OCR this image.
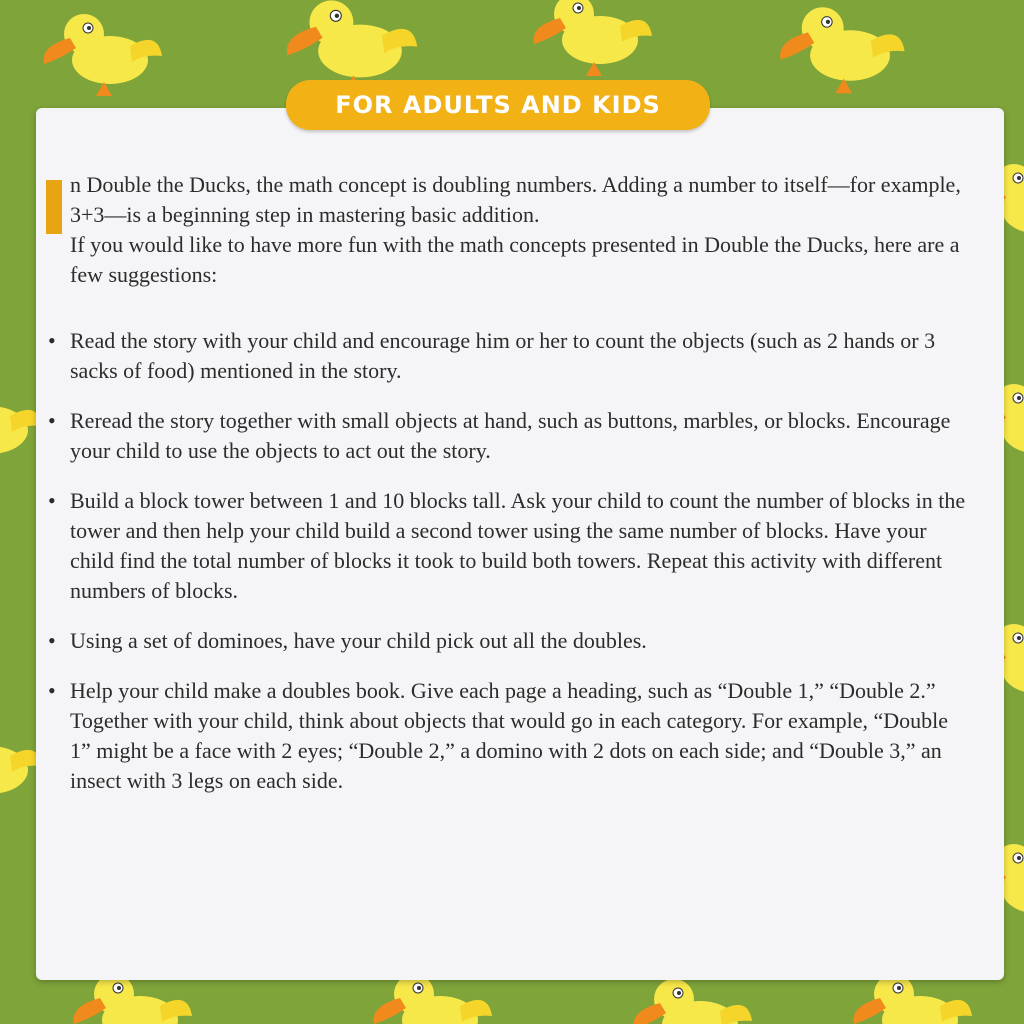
FOR ADULTS AND KIDS

n Double the Ducks, the math concept is doubling numbers. Adding a number to itself—for example, 3+3—is a beginning step in mastering basic addition.

If you would like to have more fun with the math concepts presented in Double the Ducks, here are a few suggestions:

• Read the story with your child and encourage him or her to count the objects (such as 2 hands or 3 sacks of food) mentioned in the story.
• Reread the story together with small objects at hand, such as buttons, marbles, or blocks. Encourage your child to use the objects to act out the story.
• Build a block tower between 1 and 10 blocks tall. Ask your child to count the number of blocks in the tower and then help your child build a second tower using the same number of blocks. Have your child find the total number of blocks it took to build both towers. Repeat this activity with different numbers of blocks.
• Using a set of dominoes, have your child pick out all the doubles.
• Help your child make a doubles book. Give each page a heading, such as “Double 1,” “Double 2.” Together with your child, think about objects that would go in each category. For example, “Double 1” might be a face with 2 eyes; “Double 2,” a domino with 2 dots on each side; and “Double 3,” an insect with 3 legs on each side.
